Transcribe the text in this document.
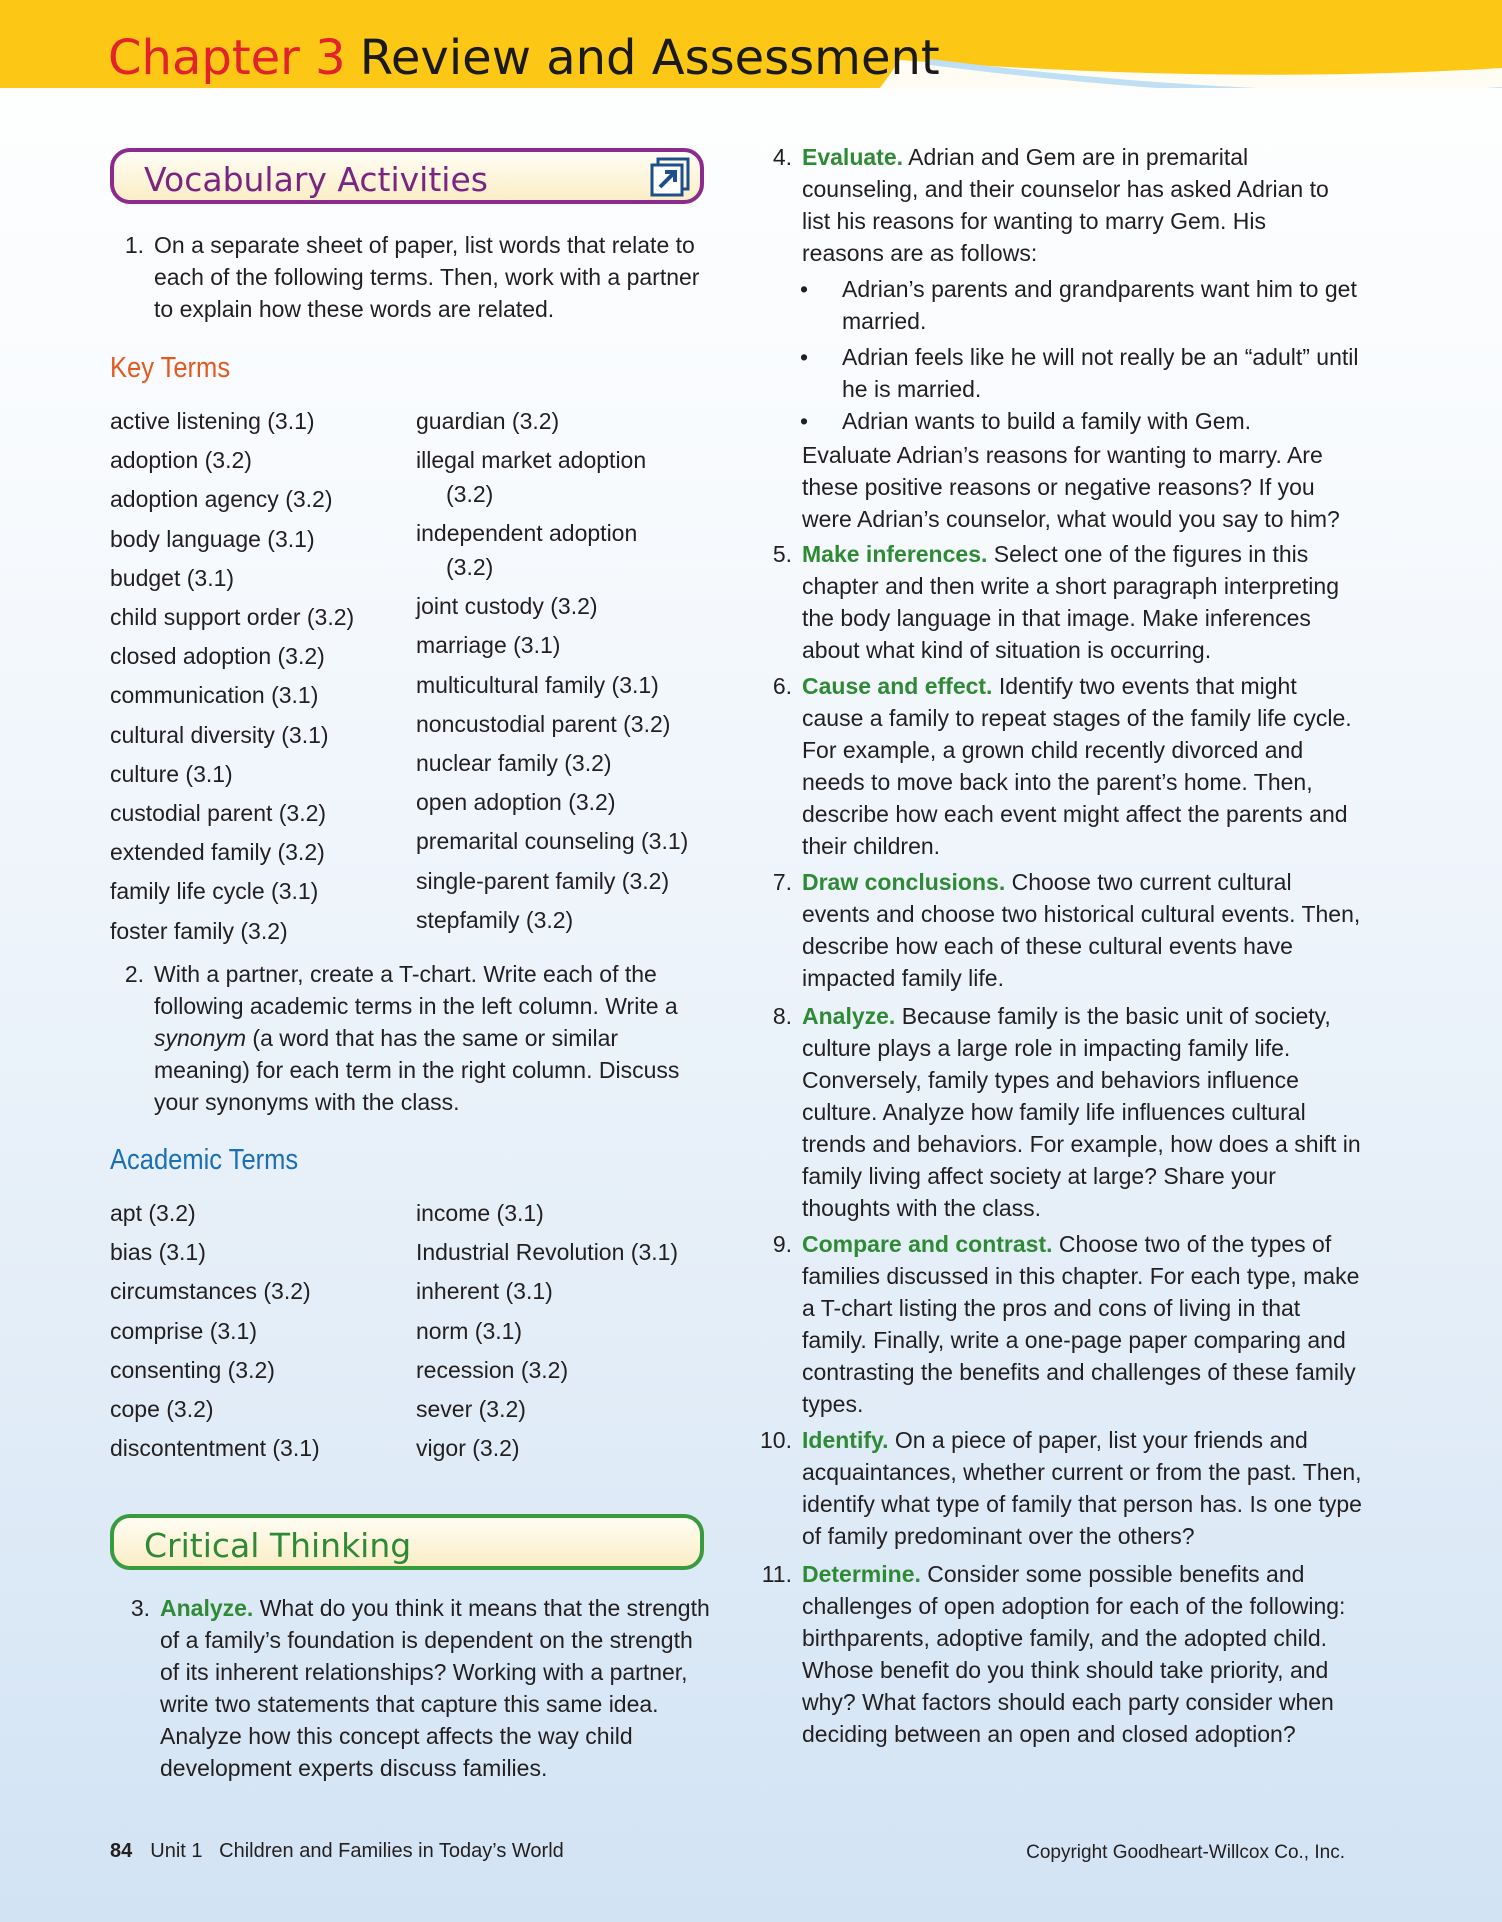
Chapter 3 Review and Assessment
Vocabulary Activities
1. On a separate sheet of paper, list words that relate to each of the following terms. Then, work with a partner to explain how these words are related.
Key Terms
active listening (3.1)
adoption (3.2)
adoption agency (3.2)
body language (3.1)
budget (3.1)
child support order (3.2)
closed adoption (3.2)
communication (3.1)
cultural diversity (3.1)
culture (3.1)
custodial parent (3.2)
extended family (3.2)
family life cycle (3.1)
foster family (3.2)
guardian (3.2)
illegal market adoption
(3.2)
independent adoption
(3.2)
joint custody (3.2)
marriage (3.1)
multicultural family (3.1)
noncustodial parent (3.2)
nuclear family (3.2)
open adoption (3.2)
premarital counseling (3.1)
single-parent family (3.2)
stepfamily (3.2)
2. With a partner, create a T-chart. Write each of the following academic terms in the left column. Write a synonym (a word that has the same or similar meaning) for each term in the right column. Discuss your synonyms with the class.
Academic Terms
apt (3.2)
bias (3.1)
circumstances (3.2)
comprise (3.1)
consenting (3.2)
cope (3.2)
discontentment (3.1)
income (3.1)
Industrial Revolution (3.1)
inherent (3.1)
norm (3.1)
recession (3.2)
sever (3.2)
vigor (3.2)
Critical Thinking
3. Analyze. What do you think it means that the strength of a family’s foundation is dependent on the strength of its inherent relationships? Working with a partner, write two statements that capture this same idea. Analyze how this concept affects the way child development experts discuss families.
4. Evaluate. Adrian and Gem are in premarital counseling, and their counselor has asked Adrian to list his reasons for wanting to marry Gem. His reasons are as follows:
• Adrian’s parents and grandparents want him to get married.
• Adrian feels like he will not really be an “adult” until he is married.
• Adrian wants to build a family with Gem.
Evaluate Adrian’s reasons for wanting to marry. Are these positive reasons or negative reasons? If you were Adrian’s counselor, what would you say to him?
5. Make inferences. Select one of the figures in this chapter and then write a short paragraph interpreting the body language in that image. Make inferences about what kind of situation is occurring.
6. Cause and effect. Identify two events that might cause a family to repeat stages of the family life cycle. For example, a grown child recently divorced and needs to move back into the parent’s home. Then, describe how each event might affect the parents and their children.
7. Draw conclusions. Choose two current cultural events and choose two historical cultural events. Then, describe how each of these cultural events have impacted family life.
8. Analyze. Because family is the basic unit of society, culture plays a large role in impacting family life. Conversely, family types and behaviors influence culture. Analyze how family life influences cultural trends and behaviors. For example, how does a shift in family living affect society at large? Share your thoughts with the class.
9. Compare and contrast. Choose two of the types of families discussed in this chapter. For each type, make a T-chart listing the pros and cons of living in that family. Finally, write a one-page paper comparing and contrasting the benefits and challenges of these family types.
10. Identify. On a piece of paper, list your friends and acquaintances, whether current or from the past. Then, identify what type of family that person has. Is one type of family predominant over the others?
11. Determine. Consider some possible benefits and challenges of open adoption for each of the following: birthparents, adoptive family, and the adopted child. Whose benefit do you think should take priority, and why? What factors should each party consider when deciding between an open and closed adoption?
84 Unit 1   Children and Families in Today’s World	Copyright Goodheart-Willcox Co., Inc.
